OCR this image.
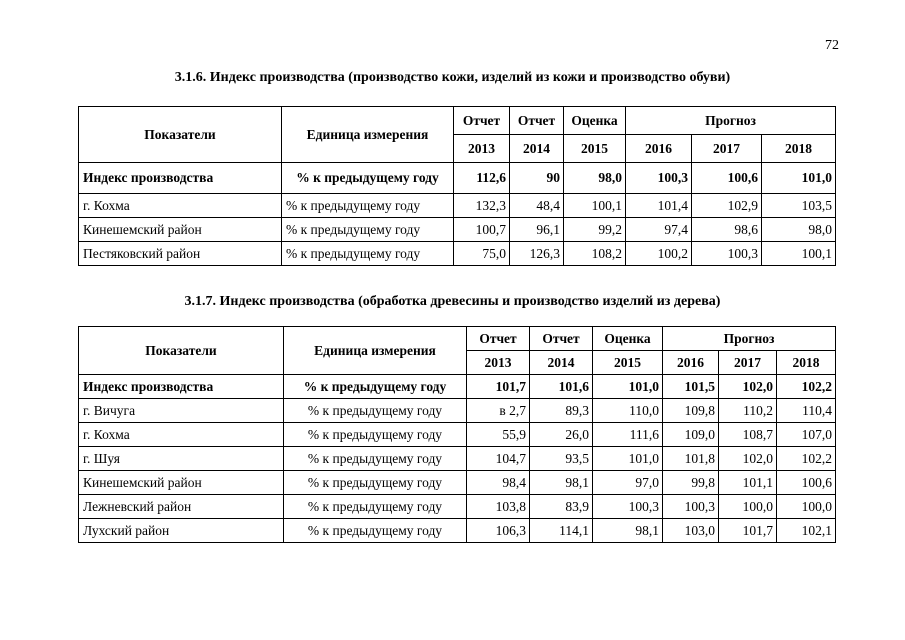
72
3.1.6. Индекс производства (производство кожи, изделий из кожи и производство обуви)
Показатели	Единица измерения	Отчет	Отчет	Оценка	Прогноз		
		2013	2014	2015	2016	2017	2018
Индекс производства	% к предыдущему году	112,6	90	98,0	100,3	100,6	101,0
г. Кохма	% к предыдущему году	132,3	48,4	100,1	101,4	102,9	103,5
Кинешемский район	% к предыдущему году	100,7	96,1	99,2	97,4	98,6	98,0
Пестяковский район	% к предыдущему году	75,0	126,3	108,2	100,2	100,3	100,1
3.1.7. Индекс производства (обработка древесины и производство изделий из дерева)
Показатели	Единица измерения	Отчет	Отчет	Оценка	Прогноз		
		2013	2014	2015	2016	2017	2018
Индекс производства	% к предыдущему году	101,7	101,6	101,0	101,5	102,0	102,2
г. Вичуга	% к предыдущему году	в 2,7	89,3	110,0	109,8	110,2	110,4
г. Кохма	% к предыдущему году	55,9	26,0	111,6	109,0	108,7	107,0
г. Шуя	% к предыдущему году	104,7	93,5	101,0	101,8	102,0	102,2
Кинешемский район	% к предыдущему году	98,4	98,1	97,0	99,8	101,1	100,6
Лежневский район	% к предыдущему году	103,8	83,9	100,3	100,3	100,0	100,0
Лухский район	% к предыдущему году	106,3	114,1	98,1	103,0	101,7	102,1
